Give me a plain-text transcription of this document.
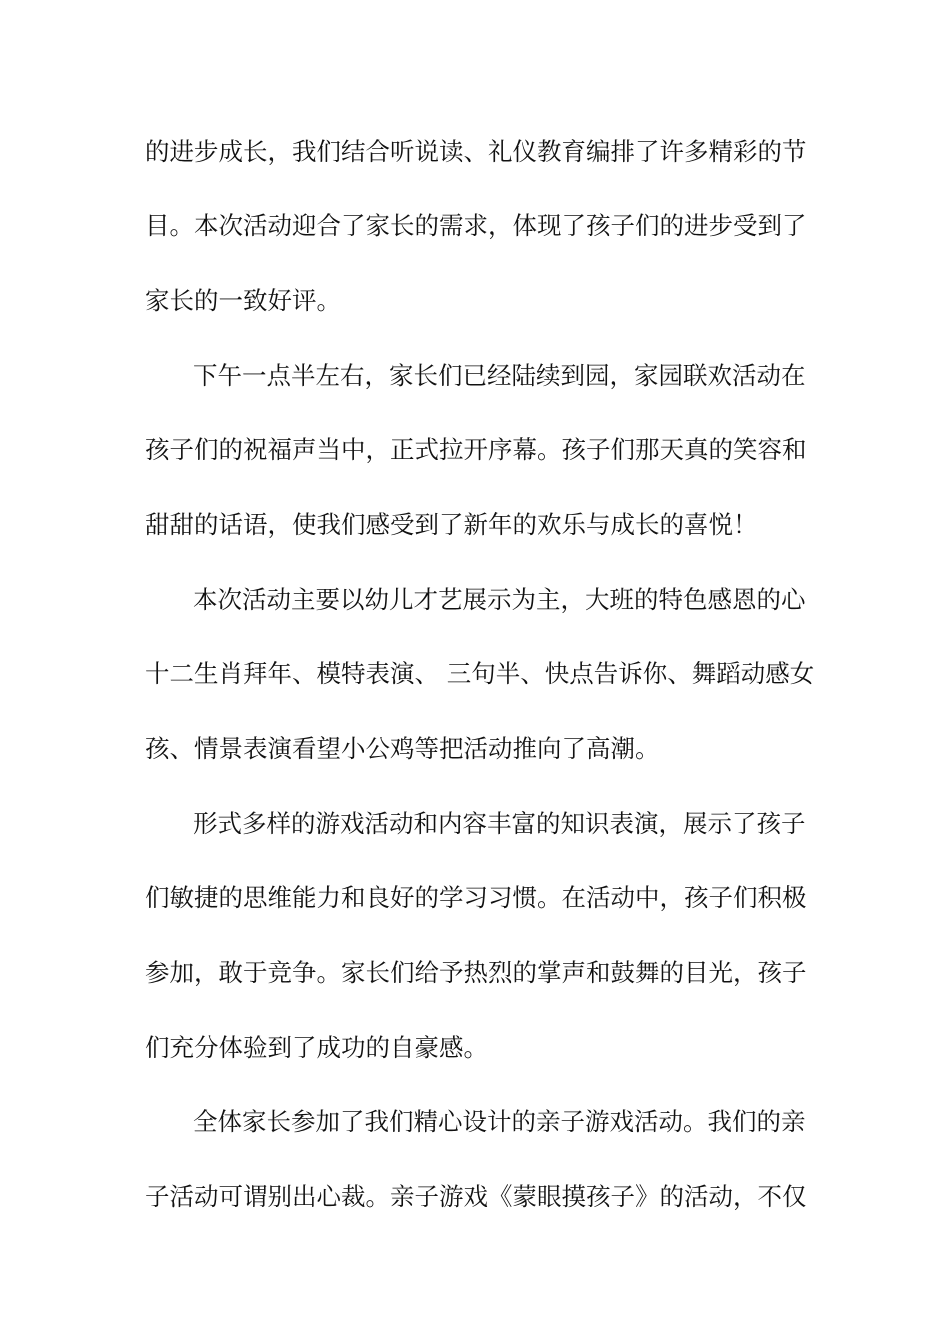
的进步成长，我们结合听说读、礼仪教育编排了许多精彩的节

目。本次活动迎合了家长的需求，体现了孩子们的进步受到了

家长的一致好评。

下午一点半左右，家长们已经陆续到园，家园联欢活动在

孩子们的祝福声当中，正式拉开序幕。孩子们那天真的笑容和

甜甜的话语，使我们感受到了新年的欢乐与成长的喜悦！

本次活动主要以幼儿才艺展示为主，大班的特色感恩的心

十二生肖拜年、模特表演、 三句半、快点告诉你、舞蹈动感女

孩、情景表演看望小公鸡等把活动推向了高潮。

形式多样的游戏活动和内容丰富的知识表演，展示了孩子

们敏捷的思维能力和良好的学习习惯。在活动中，孩子们积极

参加，敢于竞争。家长们给予热烈的掌声和鼓舞的目光，孩子

们充分体验到了成功的自豪感。

全体家长参加了我们精心设计的亲子游戏活动。我们的亲

子活动可谓别出心裁。亲子游戏《蒙眼摸孩子》的活动，不仅
